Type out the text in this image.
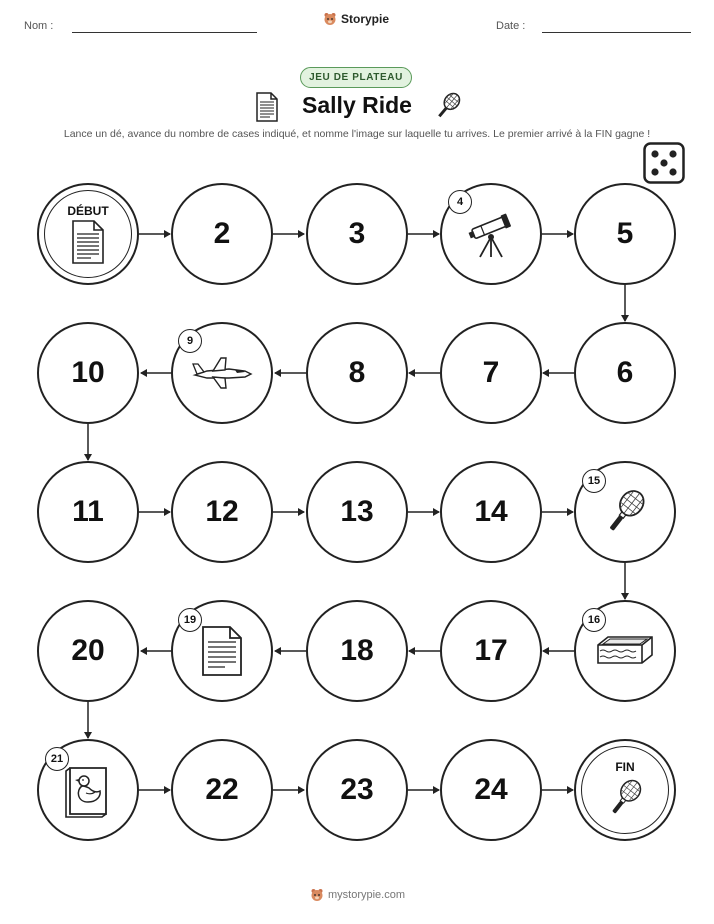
Nom :	Storypie	Date :
JEU DE PLATEAU
Sally Ride
Lance un dé, avance du nombre de cases indiqué, et nomme l'image sur laquelle tu arrives. Le premier arrivé à la FIN gagne !
DÉBUT
2	3	5
10	8	7	6
11	12	13	14
20	18	17
22	23	24
FIN
4
9
15
16
19
21
mystorypie.com
